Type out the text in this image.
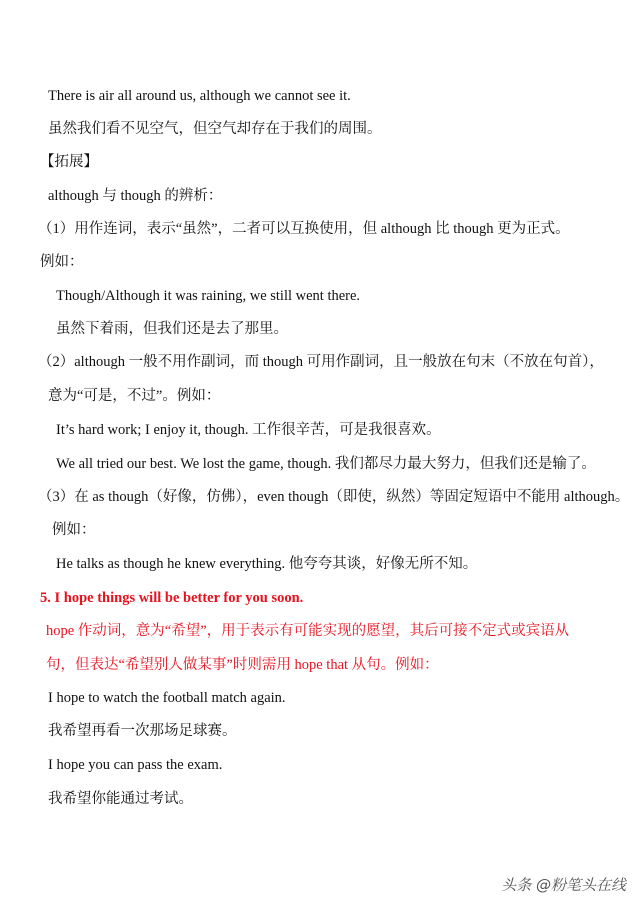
There is air all around us, although we cannot see it.
虽然我们看不见空气，但空气却存在于我们的周围。
【拓展】
although 与 though 的辨析：
（1）用作连词，表示“虽然”，二者可以互换使用，但 although 比 though 更为正式。
例如：
Though/Although it was raining, we still went there.
虽然下着雨，但我们还是去了那里。
（2）although 一般不用作副词，而 though 可用作副词，且一般放在句末（不放在句首），
意为“可是，不过”。例如：
It’s hard work; I enjoy it, though. 工作很辛苦，可是我很喜欢。
We all tried our best. We lost the game, though. 我们都尽力最大努力，但我们还是输了。
（3）在 as though（好像，仿佛），even though（即使，纵然）等固定短语中不能用 although。
例如：
He talks as though he knew everything. 他夸夸其谈，好像无所不知。
5. I hope things will be better for you soon.
hope 作动词，意为“希望”，用于表示有可能实现的愿望，其后可接不定式或宾语从
句，但表达“希望别人做某事”时则需用 hope that 从句。例如：
I hope to watch the football match again.
我希望再看一次那场足球赛。
I hope you can pass the exam.
我希望你能通过考试。
头条 @粉笔头在线
